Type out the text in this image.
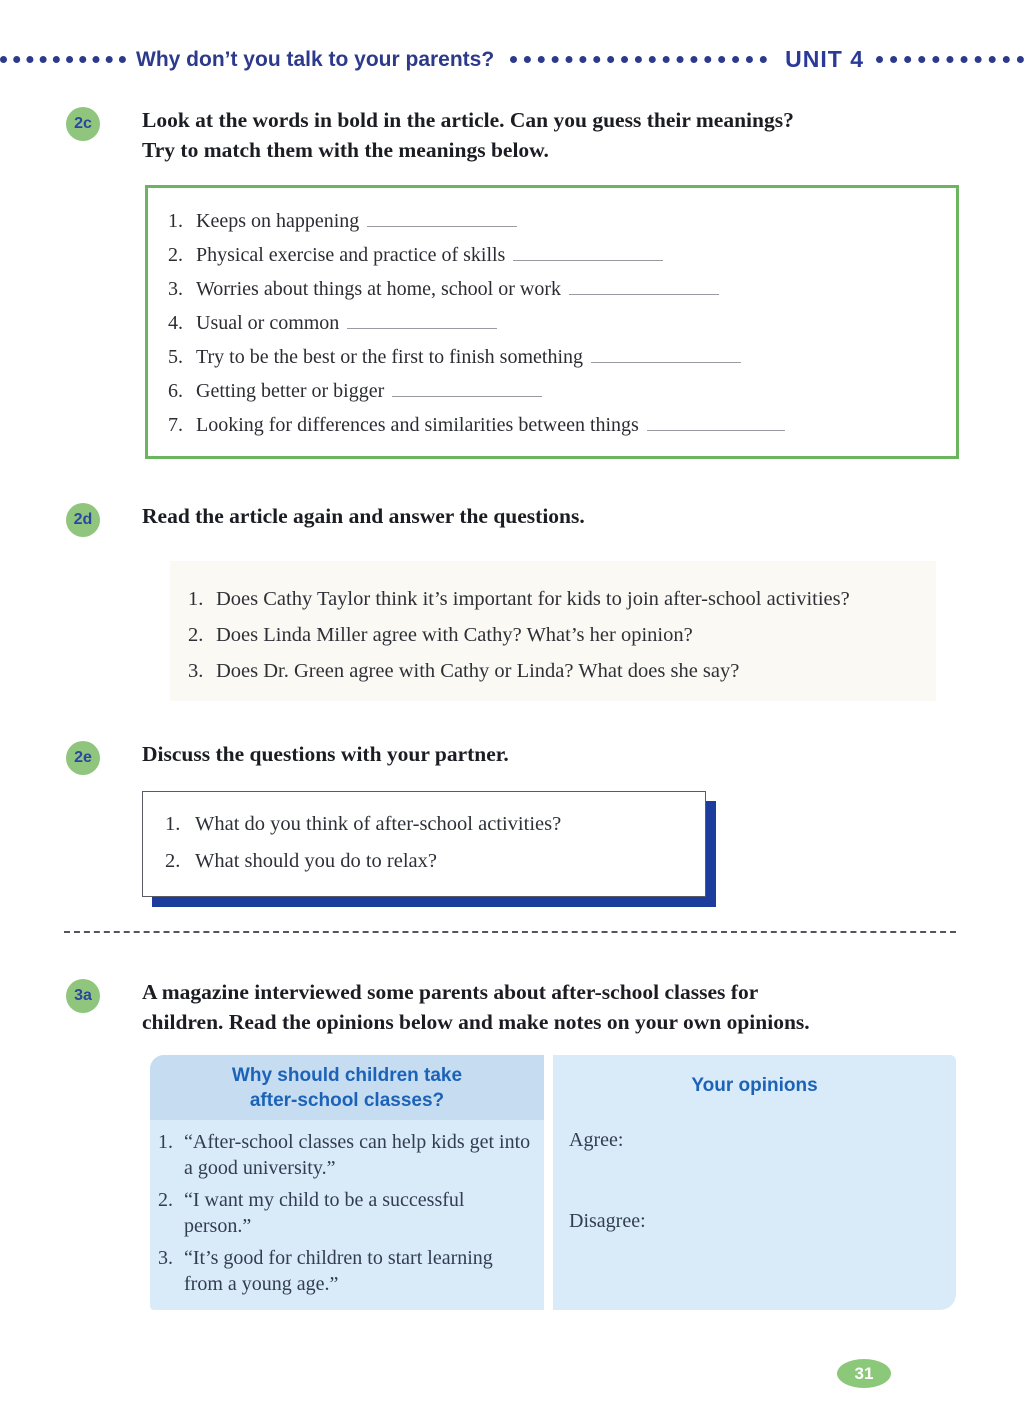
Why don’t you talk to your parents?	UNIT 4
2c	Look at the words in bold in the article. Can you guess their meanings?
Try to match them with the meanings below.
1. Keeps on happening
2. Physical exercise and practice of skills
3. Worries about things at home, school or work
4. Usual or common
5. Try to be the best or the first to finish something
6. Getting better or bigger
7. Looking for differences and similarities between things
2d	Read the article again and answer the questions.
1. Does Cathy Taylor think it’s important for kids to join after-school activities?
2. Does Linda Miller agree with Cathy? What’s her opinion?
3. Does Dr. Green agree with Cathy or Linda? What does she say?
2e	Discuss the questions with your partner.
1. What do you think of after-school activities?
2. What should you do to relax?
3a	A magazine interviewed some parents about after-school classes for
children. Read the opinions below and make notes on your own opinions.
Why should children take
after-school classes?
1. “After-school classes can help kids get into a good university.”
2. “I want my child to be a successful person.”
3. “It’s good for children to start learning from a young age.”
Your opinions
Agree:
Disagree:
31
